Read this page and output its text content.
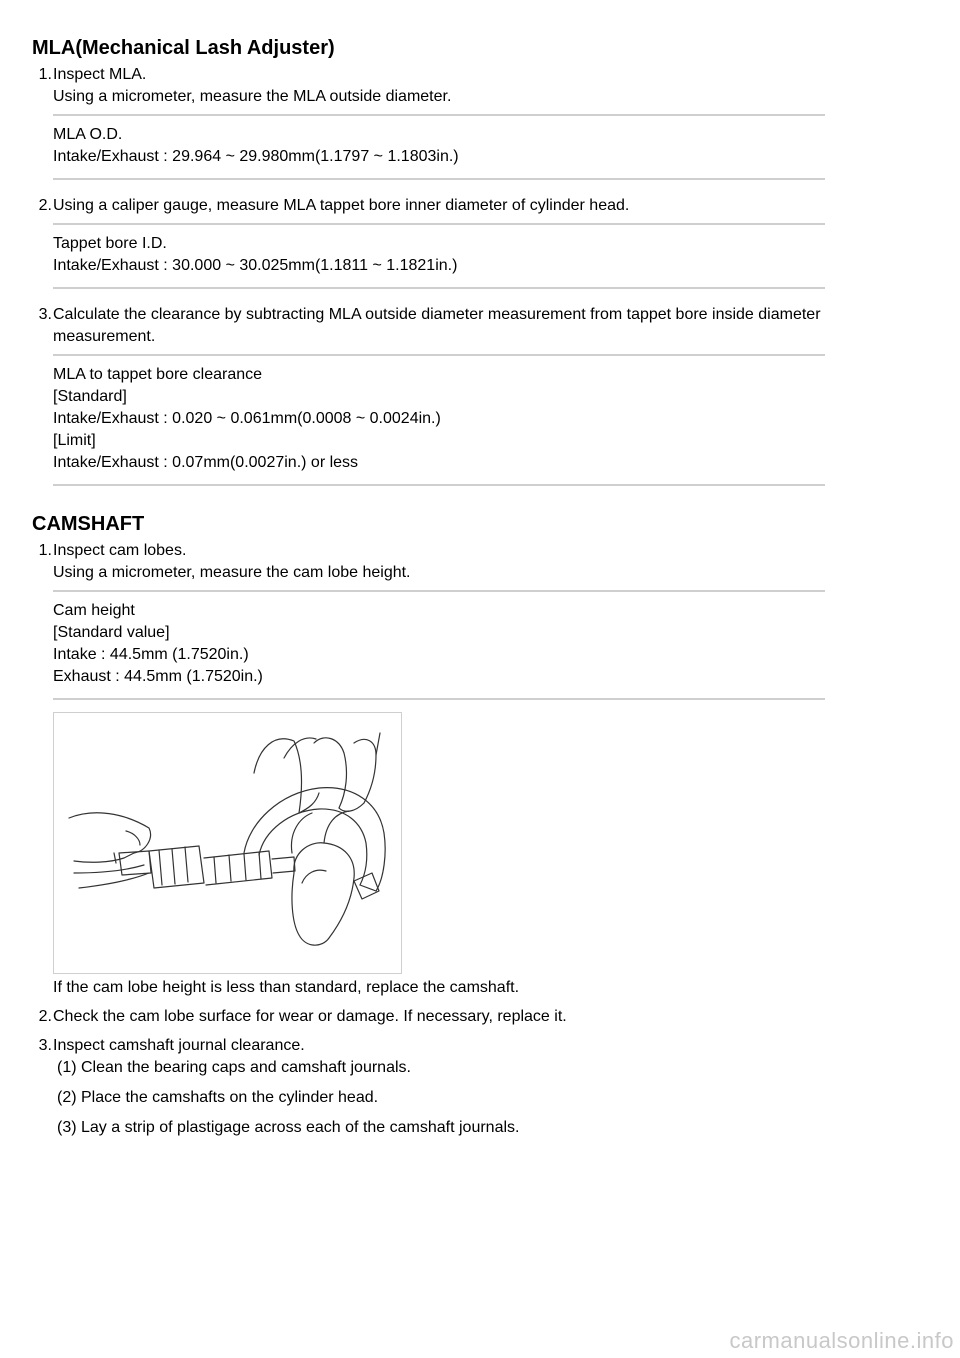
MLA(Mechanical Lash Adjuster)
1. Inspect MLA.
Using a micrometer, measure the MLA outside diameter.
MLA O.D.
Intake/Exhaust : 29.964 ~ 29.980mm(1.1797 ~ 1.1803in.)
2. Using a caliper gauge, measure MLA tappet bore inner diameter of cylinder head.
Tappet bore I.D.
Intake/Exhaust : 30.000 ~ 30.025mm(1.1811 ~ 1.1821in.)
3. Calculate the clearance by subtracting MLA outside diameter measurement from tappet bore inside diameter
measurement.
MLA to tappet bore clearance
[Standard]
Intake/Exhaust : 0.020 ~ 0.061mm(0.0008 ~ 0.0024in.)
[Limit]
Intake/Exhaust : 0.07mm(0.0027in.) or less
CAMSHAFT
1. Inspect cam lobes.
Using a micrometer, measure the cam lobe height.
Cam height
[Standard value]
Intake : 44.5mm (1.7520in.)
Exhaust : 44.5mm (1.7520in.)
If the cam lobe height is less than standard, replace the camshaft.
2. Check the cam lobe surface for wear or damage. If necessary, replace it.
3. Inspect camshaft journal clearance.
(1) Clean the bearing caps and camshaft journals.
(2) Place the camshafts on the cylinder head.
(3) Lay a strip of plastigage across each of the camshaft journals.
carmanualsonline.info
